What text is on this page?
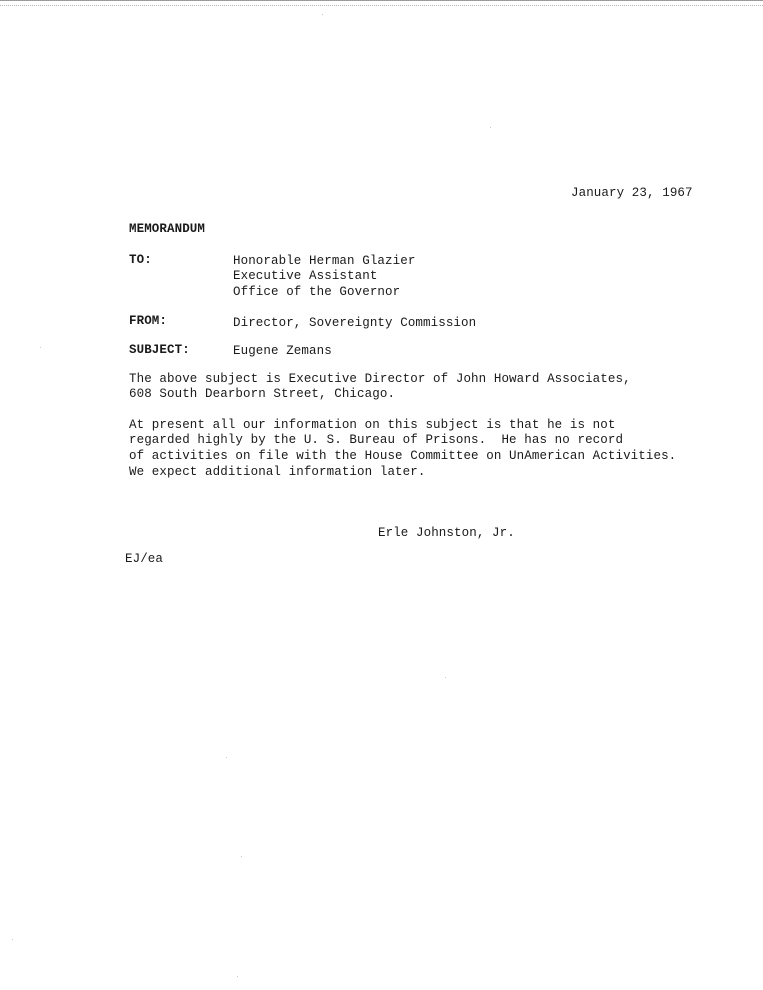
January 23, 1967
MEMORANDUM
TO:	Honorable Herman Glazier
Executive Assistant
Office of the Governor
FROM:	Director, Sovereignty Commission
SUBJECT:	Eugene Zemans
The above subject is Executive Director of John Howard Associates,
608 South Dearborn Street, Chicago.
At present all our information on this subject is that he is not
regarded highly by the U. S. Bureau of Prisons.  He has no record
of activities on file with the House Committee on UnAmerican Activities.
We expect additional information later.
Erle Johnston, Jr.
EJ/ea
